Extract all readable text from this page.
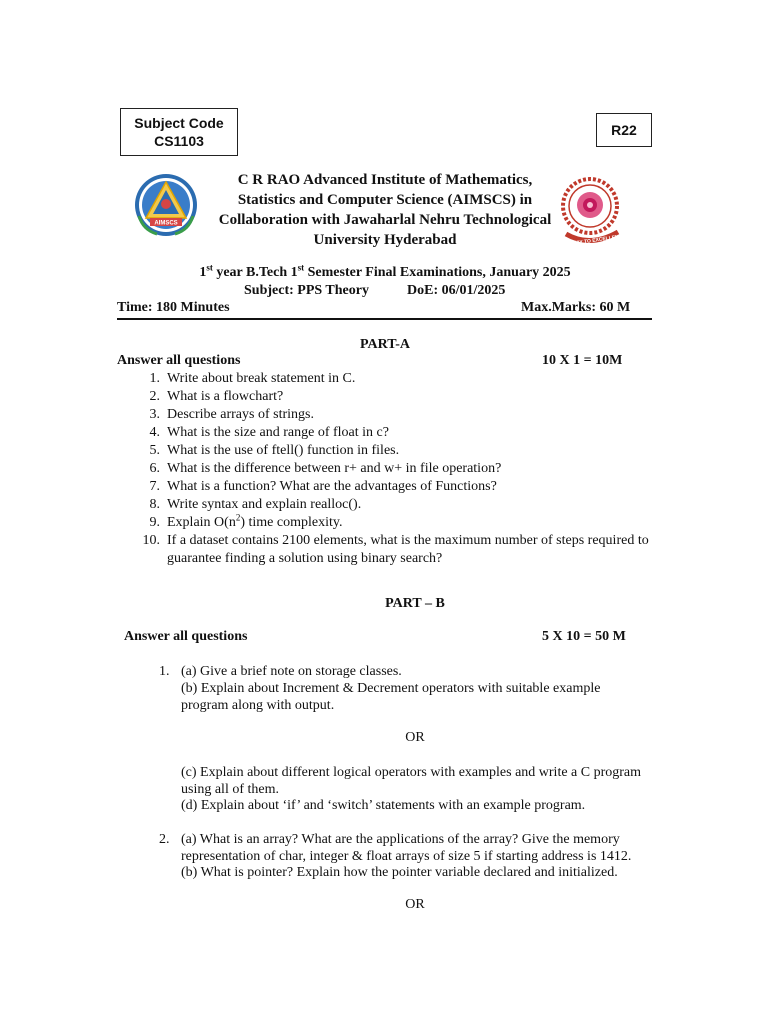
Subject Code
CS1103
R22
AIMSCS
C R RAO Advanced Institute of Mathematics,
Statistics and Computer Science (AIMSCS) in
Collaboration with Jawaharlal Nehru Technological
University Hyderabad	GATEWAY TO EXCELLENCE
1st year B.Tech 1st Semester Final Examinations, January 2025
Subject: PPS Theory	DoE: 06/01/2025
Time: 180 Minutes	Max.Marks: 60 M
PART-A
Answer all questions	10 X 1 = 10M
1. Write about break statement in C.
2. What is a flowchart?
3. Describe arrays of strings.
4. What is the size and range of float in c?
5. What is the use of ftell() function in files.
6. What is the difference between r+ and w+ in file operation?
7. What is a function? What are the advantages of Functions?
8. Write syntax and explain realloc().
9. Explain $O(n^2)$ time complexity.
10. If a dataset contains 2100 elements, what is the maximum number of steps required to
guarantee finding a solution using binary search?
PART – B
Answer all questions	5 X 10 = 50 M
1. (a) Give a brief note on storage classes.
(b) Explain about Increment & Decrement operators with suitable example
program along with output.
OR
(c) Explain about different logical operators with examples and write a C program
using all of them.
(d) Explain about ‘if’ and ‘switch’ statements with an example program.
2. (a) What is an array? What are the applications of the array? Give the memory
representation of char, integer & float arrays of size 5 if starting address is 1412.
(b) What is pointer? Explain how the pointer variable declared and initialized.
OR
